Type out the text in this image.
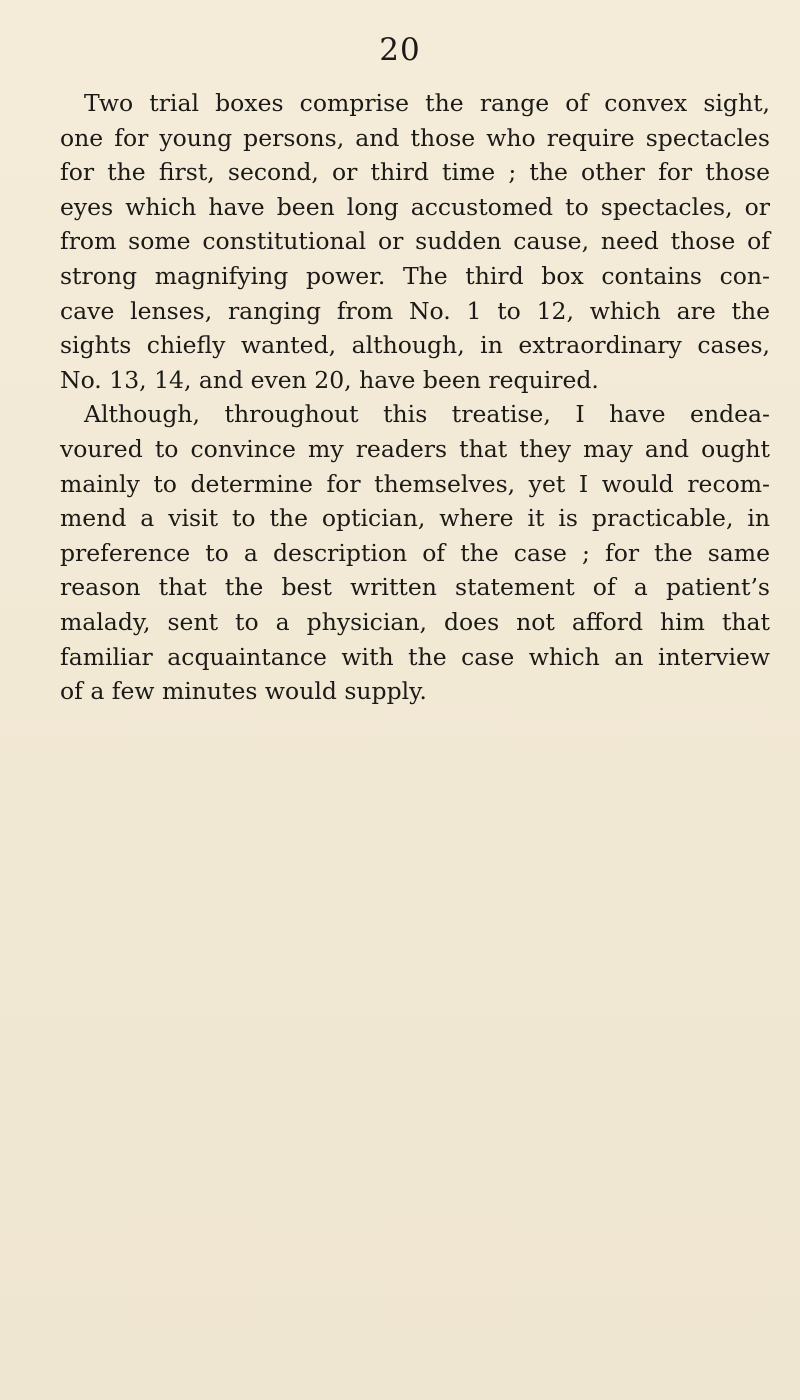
20
Two trial boxes comprise the range of convex sight,
one for young persons, and those who require spectacles
for the first, second, or third time ; the other for those
eyes which have been long accustomed to spectacles, or
from some constitutional or sudden cause, need those of
strong magnifying power. The third box contains con-
cave lenses, ranging from No. 1 to 12, which are the
sights chiefly wanted, although, in extraordinary cases,
No. 13, 14, and even 20, have been required.
Although, throughout this treatise, I have endea-
voured to convince my readers that they may and ought
mainly to determine for themselves, yet I would recom-
mend a visit to the optician, where it is practicable, in
preference to a description of the case ; for the same
reason that the best written statement of a patient’s
malady, sent to a physician, does not afford him that
familiar acquaintance with the case which an interview
of a few minutes would supply.
